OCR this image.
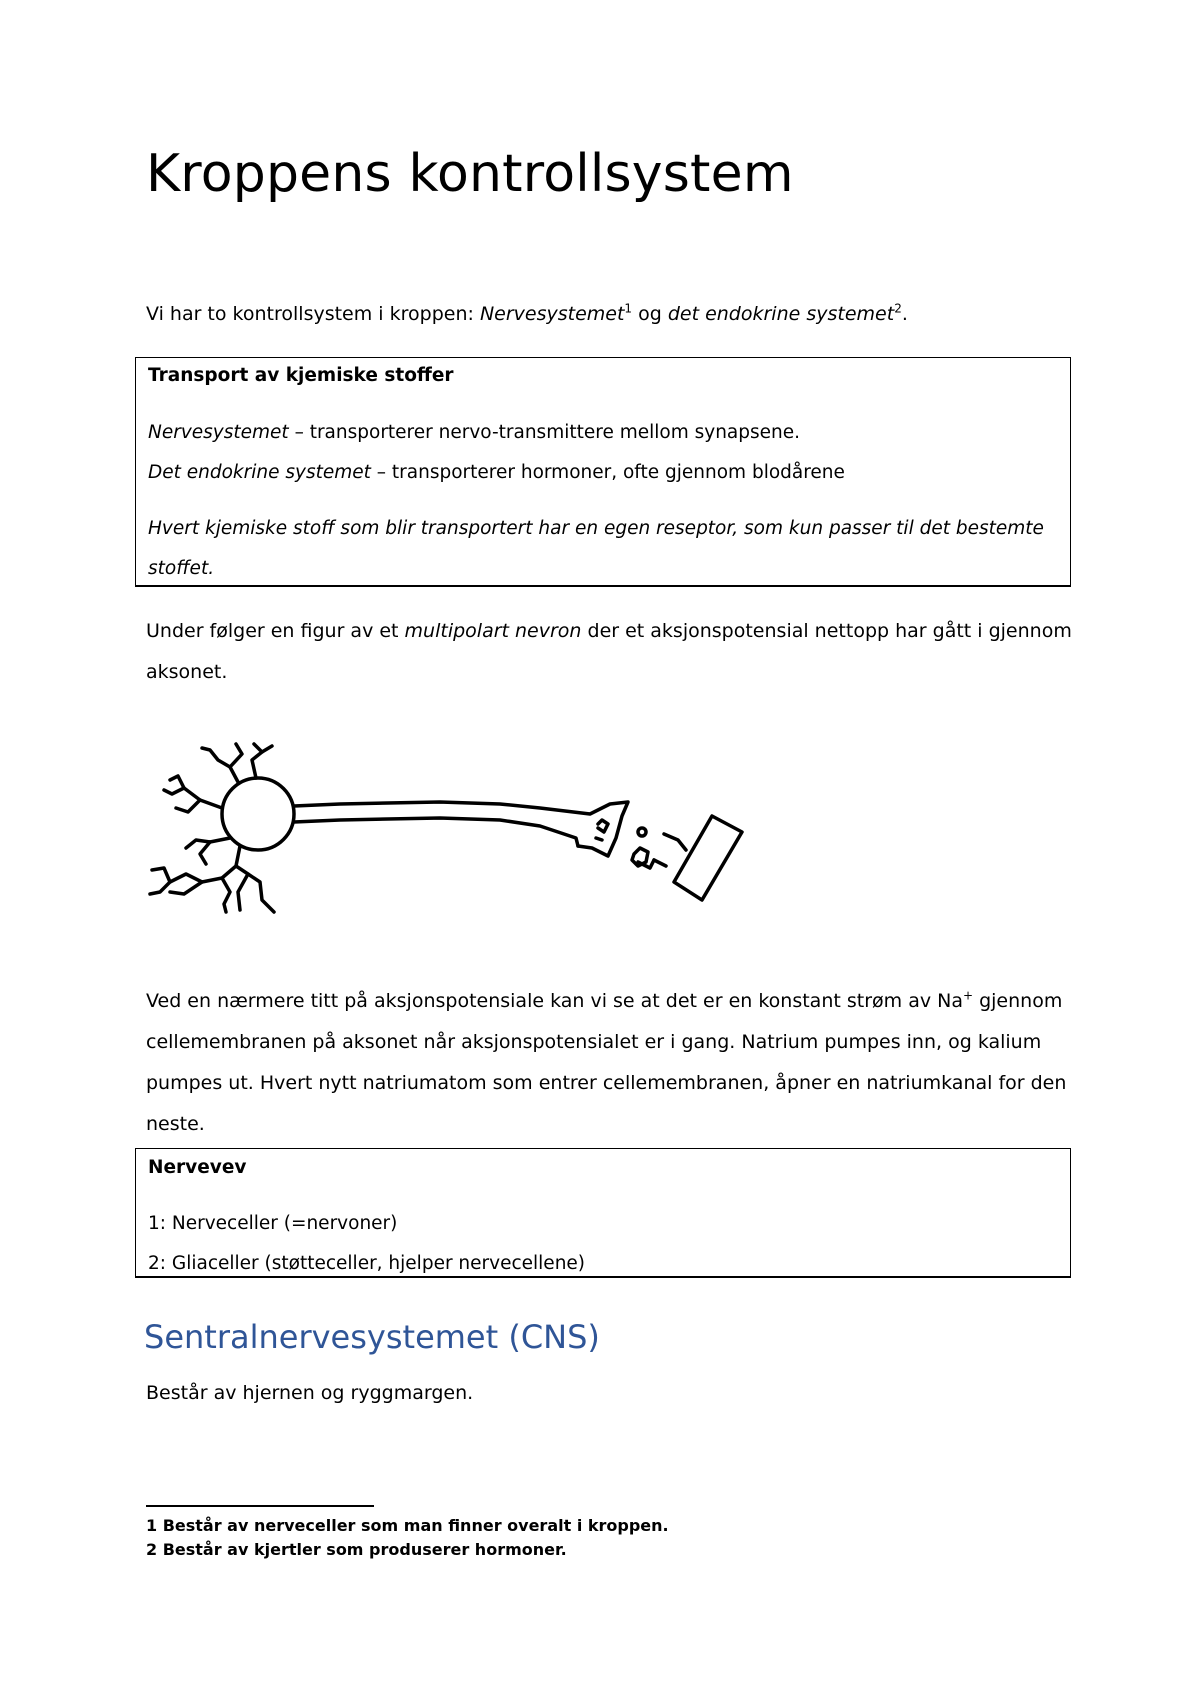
Kroppens kontrollsystem
Vi har to kontrollsystem i kroppen: Nervesystemet$^1$ og det endokrine systemet$^2$.
Transport av kjemiske stoffer
Nervesystemet – transporterer nervo-transmittere mellom synapsene.
Det endokrine systemet – transporterer hormoner, ofte gjennom blodårene
Hvert kjemiske stoff som blir transportert har en egen reseptor, som kun passer til det bestemte
stoffet.
Under følger en figur av et multipolart nevron der et aksjonspotensial nettopp har gått i gjennom
aksonet.
Ved en nærmere titt på aksjonspotensiale kan vi se at det er en konstant strøm av Na+ gjennom
cellemembranen på aksonet når aksjonspotensialet er i gang. Natrium pumpes inn, og kalium
pumpes ut. Hvert nytt natriumatom som entrer cellemembranen, åpner en natriumkanal for den
neste.
Nervevev
1: Nerveceller (=nervoner)
2: Gliaceller (støtteceller, hjelper nervecellene)
Sentralnervesystemet (CNS)
Består av hjernen og ryggmargen.
1 Består av nerveceller som man finner overalt i kroppen.
2 Består av kjertler som produserer hormoner.
